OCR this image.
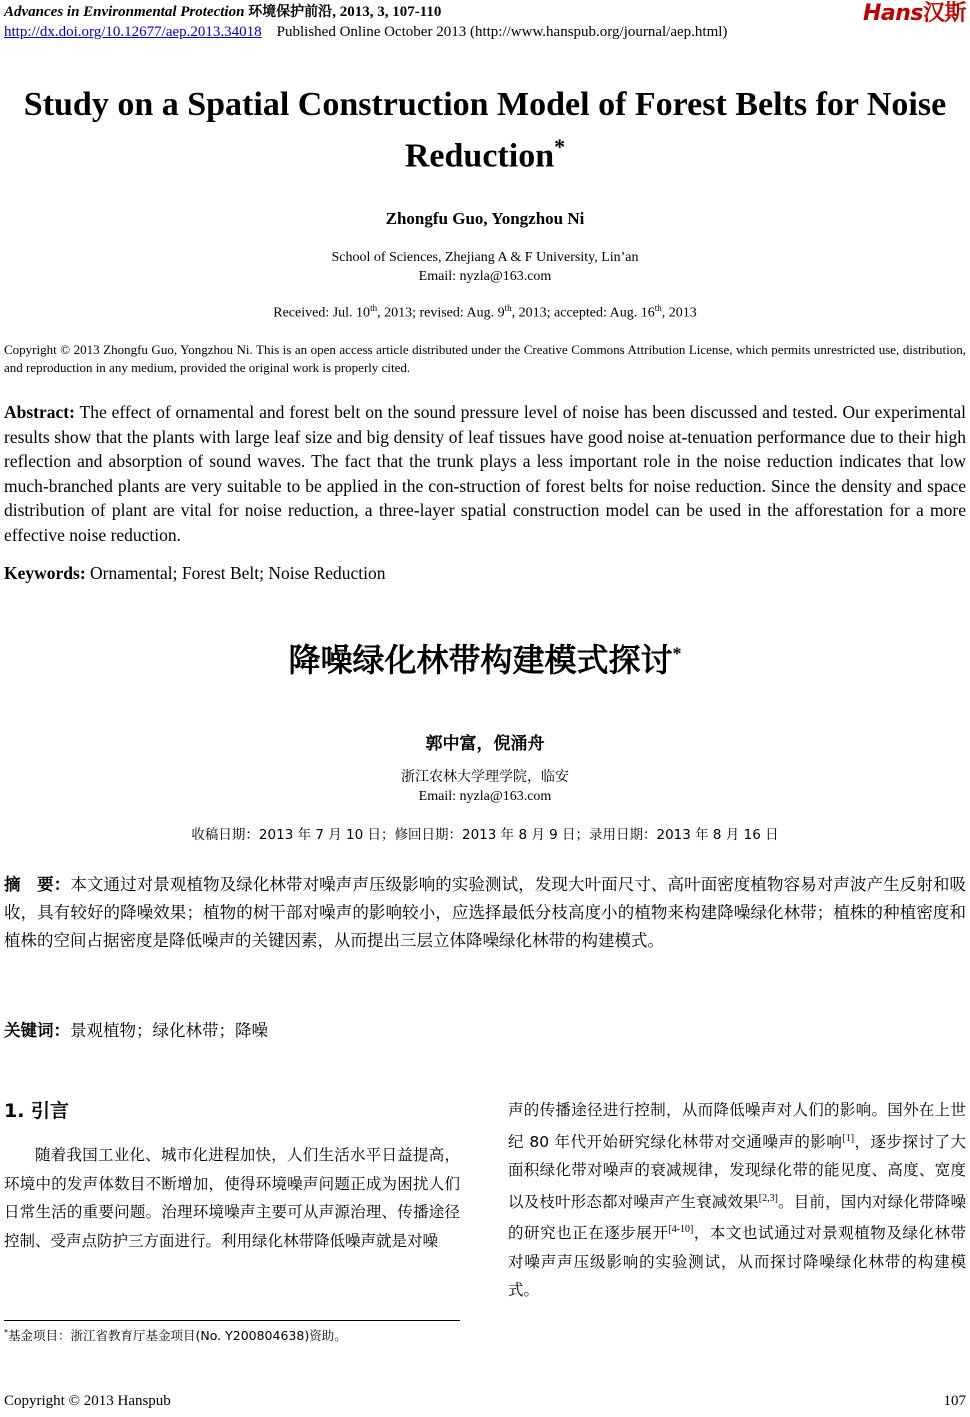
Advances in Environmental Protection 环境保护前沿, 2013, 3, 107-110
http://dx.doi.org/10.12677/aep.2013.34018 Published Online October 2013 (http://www.hanspub.org/journal/aep.html)
Hans汉斯
Study on a Spatial Construction Model of Forest Belts for Noise Reduction*
Zhongfu Guo, Yongzhou Ni
School of Sciences, Zhejiang A & F University, Lin’an
Email: nyzla@163.com
Received: Jul. 10th, 2013; revised: Aug. 9th, 2013; accepted: Aug. 16th, 2013
Copyright © 2013 Zhongfu Guo, Yongzhou Ni. This is an open access article distributed under the Creative Commons Attribution License, which permits unrestricted use, distribution, and reproduction in any medium, provided the original work is properly cited.
Abstract: The effect of ornamental and forest belt on the sound pressure level of noise has been discussed and tested. Our experimental results show that the plants with large leaf size and big density of leaf tissues have good noise at-tenuation performance due to their high reflection and absorption of sound waves. The fact that the trunk plays a less important role in the noise reduction indicates that low much-branched plants are very suitable to be applied in the con-struction of forest belts for noise reduction. Since the density and space distribution of plant are vital for noise reduction, a three-layer spatial construction model can be used in the afforestation for a more effective noise reduction.
Keywords: Ornamental; Forest Belt; Noise Reduction
降噪绿化林带构建模式探讨*
郭中富，倪涌舟
浙江农林大学理学院，临安
Email: nyzla@163.com
收稿日期：2013 年 7 月 10 日；修回日期：2013 年 8 月 9 日；录用日期：2013 年 8 月 16 日
摘　要：本文通过对景观植物及绿化林带对噪声声压级影响的实验测试，发现大叶面尺寸、高叶面密度植物容易对声波产生反射和吸收，具有较好的降噪效果；植物的树干部对噪声的影响较小，应选择最低分枝高度小的植物来构建降噪绿化林带；植株的种植密度和植株的空间占据密度是降低噪声的关键因素，从而提出三层立体降噪绿化林带的构建模式。
关键词：景观植物；绿化林带；降噪
1. 引言
随着我国工业化、城市化进程加快，人们生活水平日益提高，环境中的发声体数目不断增加，使得环境噪声问题正成为困扰人们日常生活的重要问题。治理环境噪声主要可从声源治理、传播途径控制、受声点防护三方面进行。利用绿化林带降低噪声就是对噪
声的传播途径进行控制，从而降低噪声对人们的影响。国外在上世纪 80 年代开始研究绿化林带对交通噪声的影响[1]，逐步探讨了大面积绿化带对噪声的衰减规律，发现绿化带的能见度、高度、宽度以及枝叶形态都对噪声产生衰减效果[2,3]。目前，国内对绿化带降噪的研究也正在逐步展开[4-10]，本文也试通过对景观植物及绿化林带对噪声声压级影响的实验测试，从而探讨降噪绿化林带的构建模式。
*基金项目：浙江省教育厅基金项目(No. Y200804638)资助。
Copyright © 2013 Hanspub	107
